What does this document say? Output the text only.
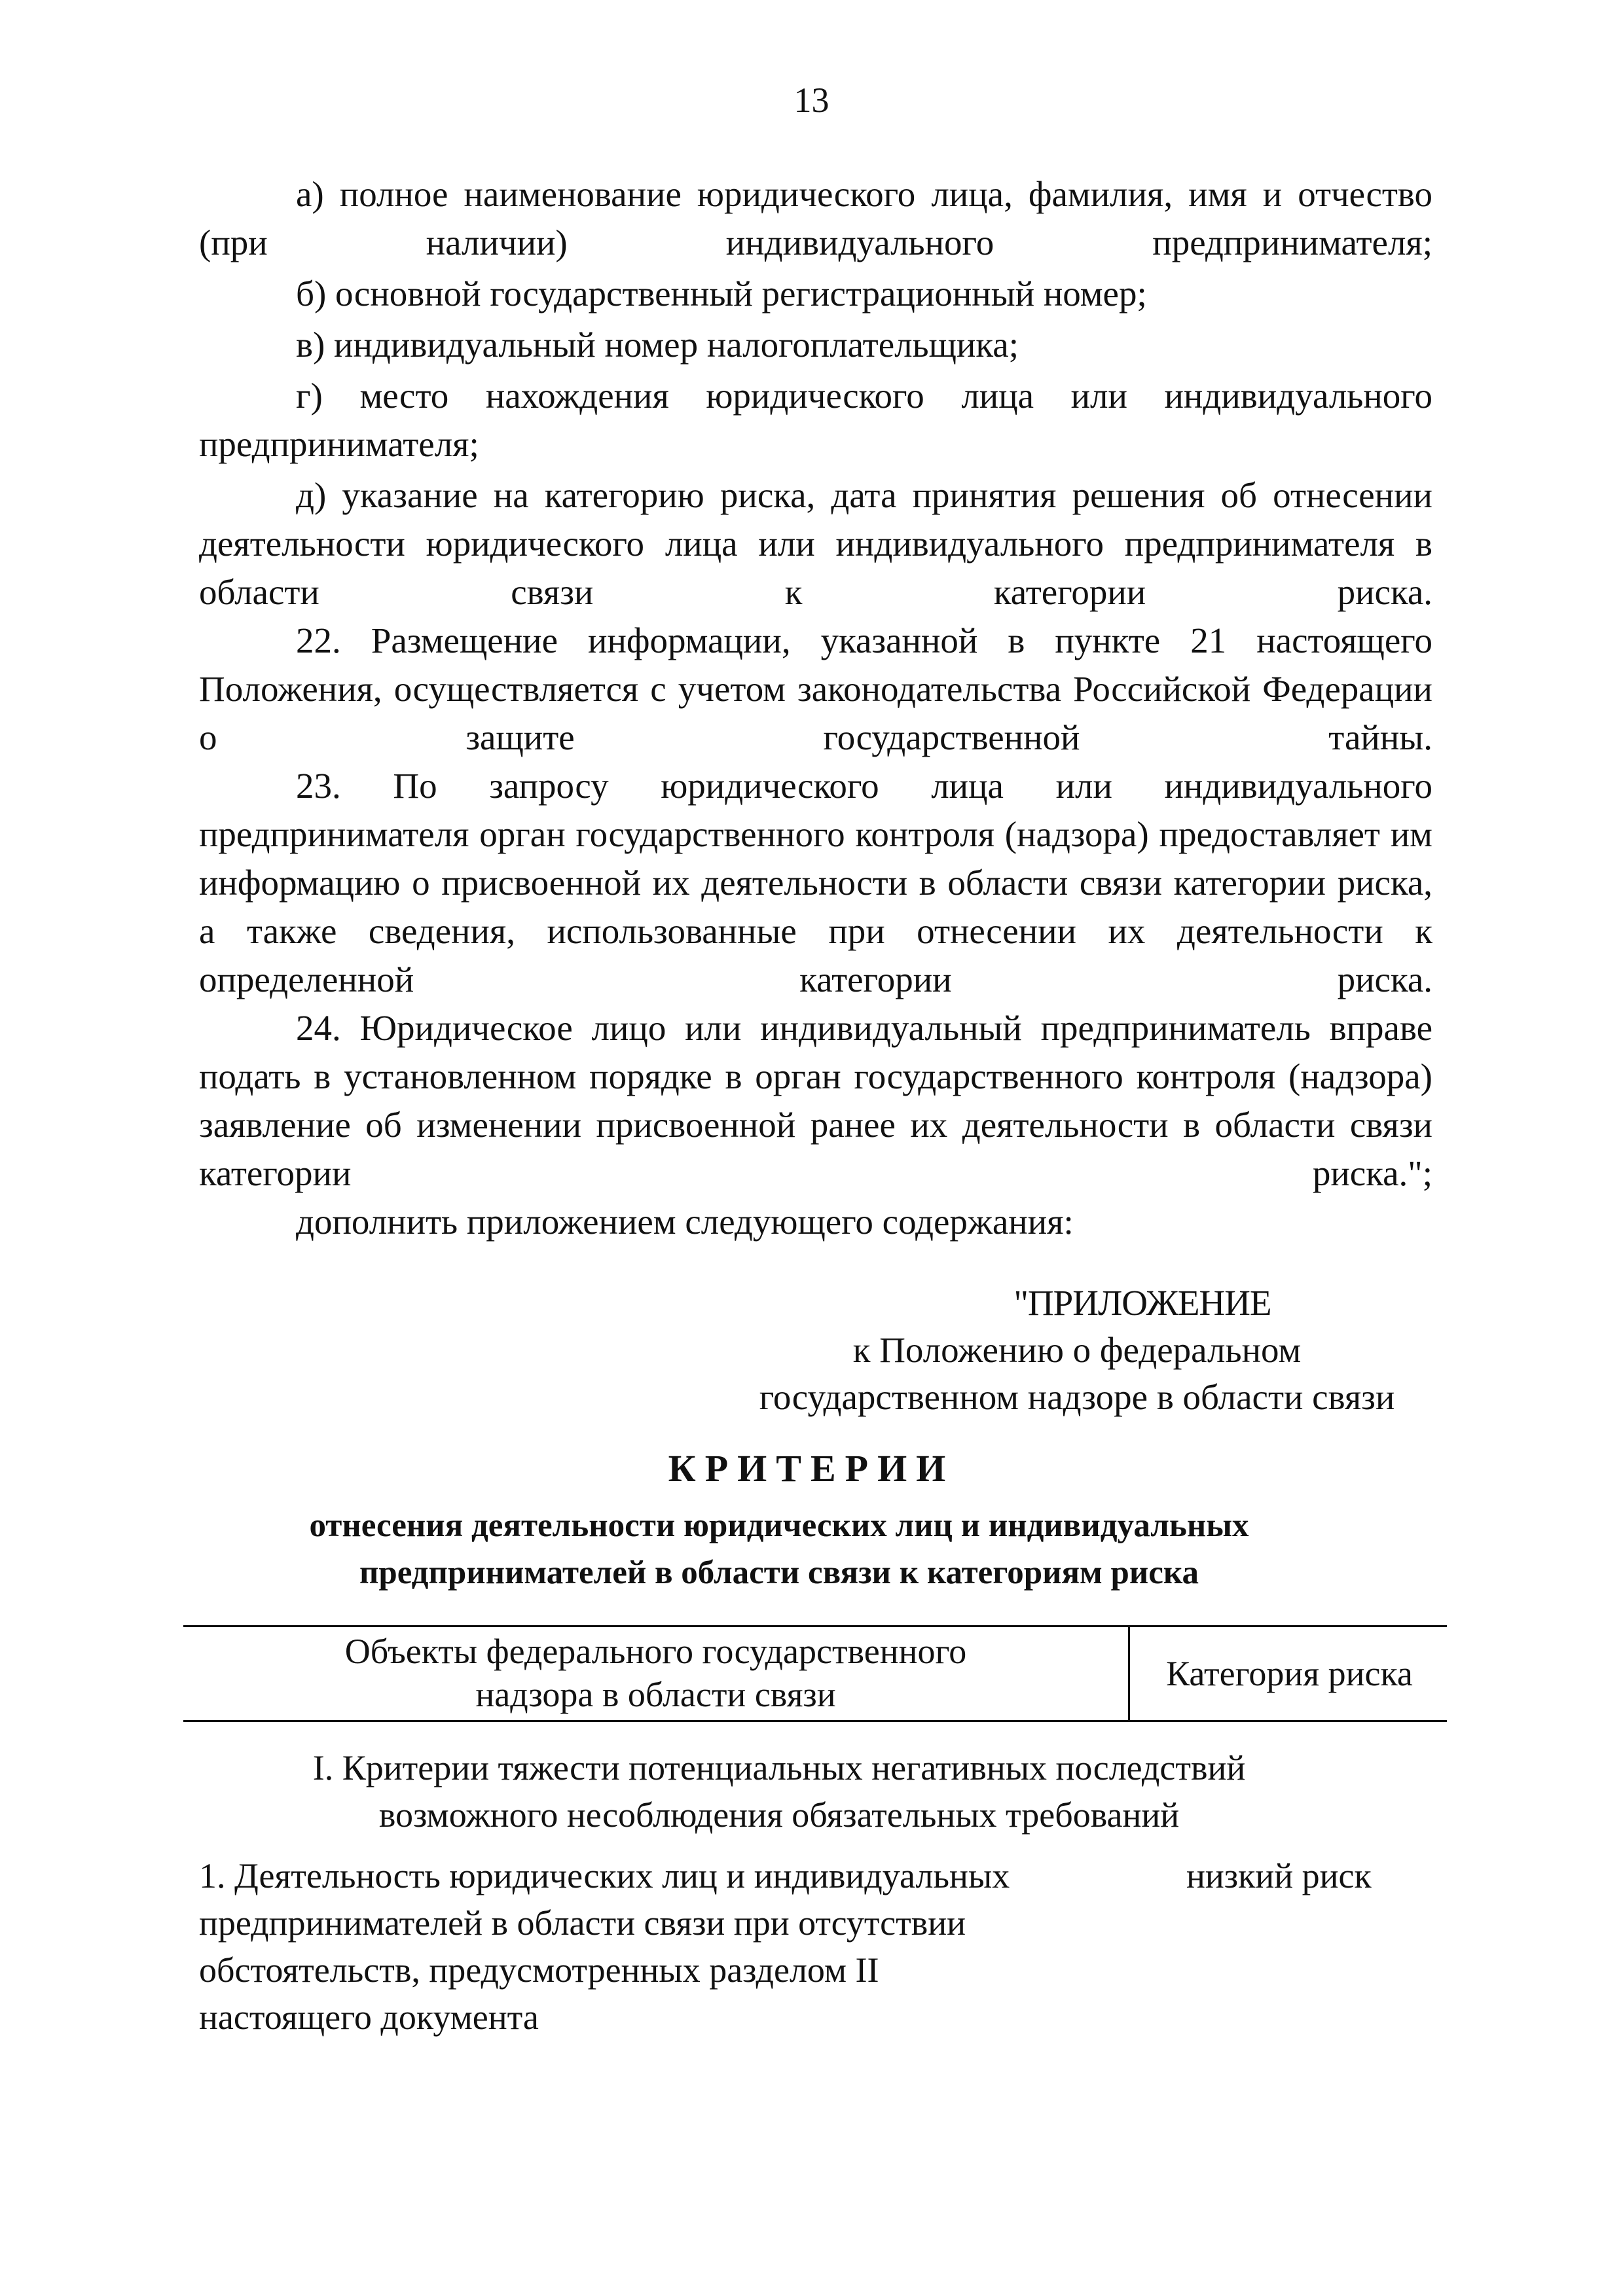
13

а) полное наименование юридического лица, фамилия, имя и отчество (при наличии) индивидуального предпринимателя;

б) основной государственный регистрационный номер;

в) индивидуальный номер налогоплательщика;

г) место нахождения юридического лица или индивидуального предпринимателя;

д) указание на категорию риска, дата принятия решения об отнесении деятельности юридического лица или индивидуального предпринимателя в области связи к категории риска.

22. Размещение информации, указанной в пункте 21 настоящего Положения, осуществляется с учетом законодательства Российской Федерации о защите государственной тайны.

23. По запросу юридического лица или индивидуального предпринимателя орган государственного контроля (надзора) предоставляет им информацию о присвоенной их деятельности в области связи категории риска, а также сведения, использованные при отнесении их деятельности к определенной категории риска.

24. Юридическое лицо или индивидуальный предприниматель вправе подать в установленном порядке в орган государственного контроля (надзора) заявление об изменении присвоенной ранее их деятельности в области связи категории риска.";

дополнить приложением следующего содержания:

"ПРИЛОЖЕНИЕ
к Положению о федеральном
государственном надзоре в области связи
КРИТЕРИИ
отнесения деятельности юридических лиц и индивидуальных
предпринимателей в области связи к категориям риска
Объекты федерального государственного
надзора в области связи
Категория риска
I. Критерии тяжести потенциальных негативных последствий
возможного несоблюдения обязательных требований
1. Деятельность юридических лиц и индивидуальных
предпринимателей в области связи при отсутствии
обстоятельств, предусмотренных разделом II
настоящего документа
низкий риск
